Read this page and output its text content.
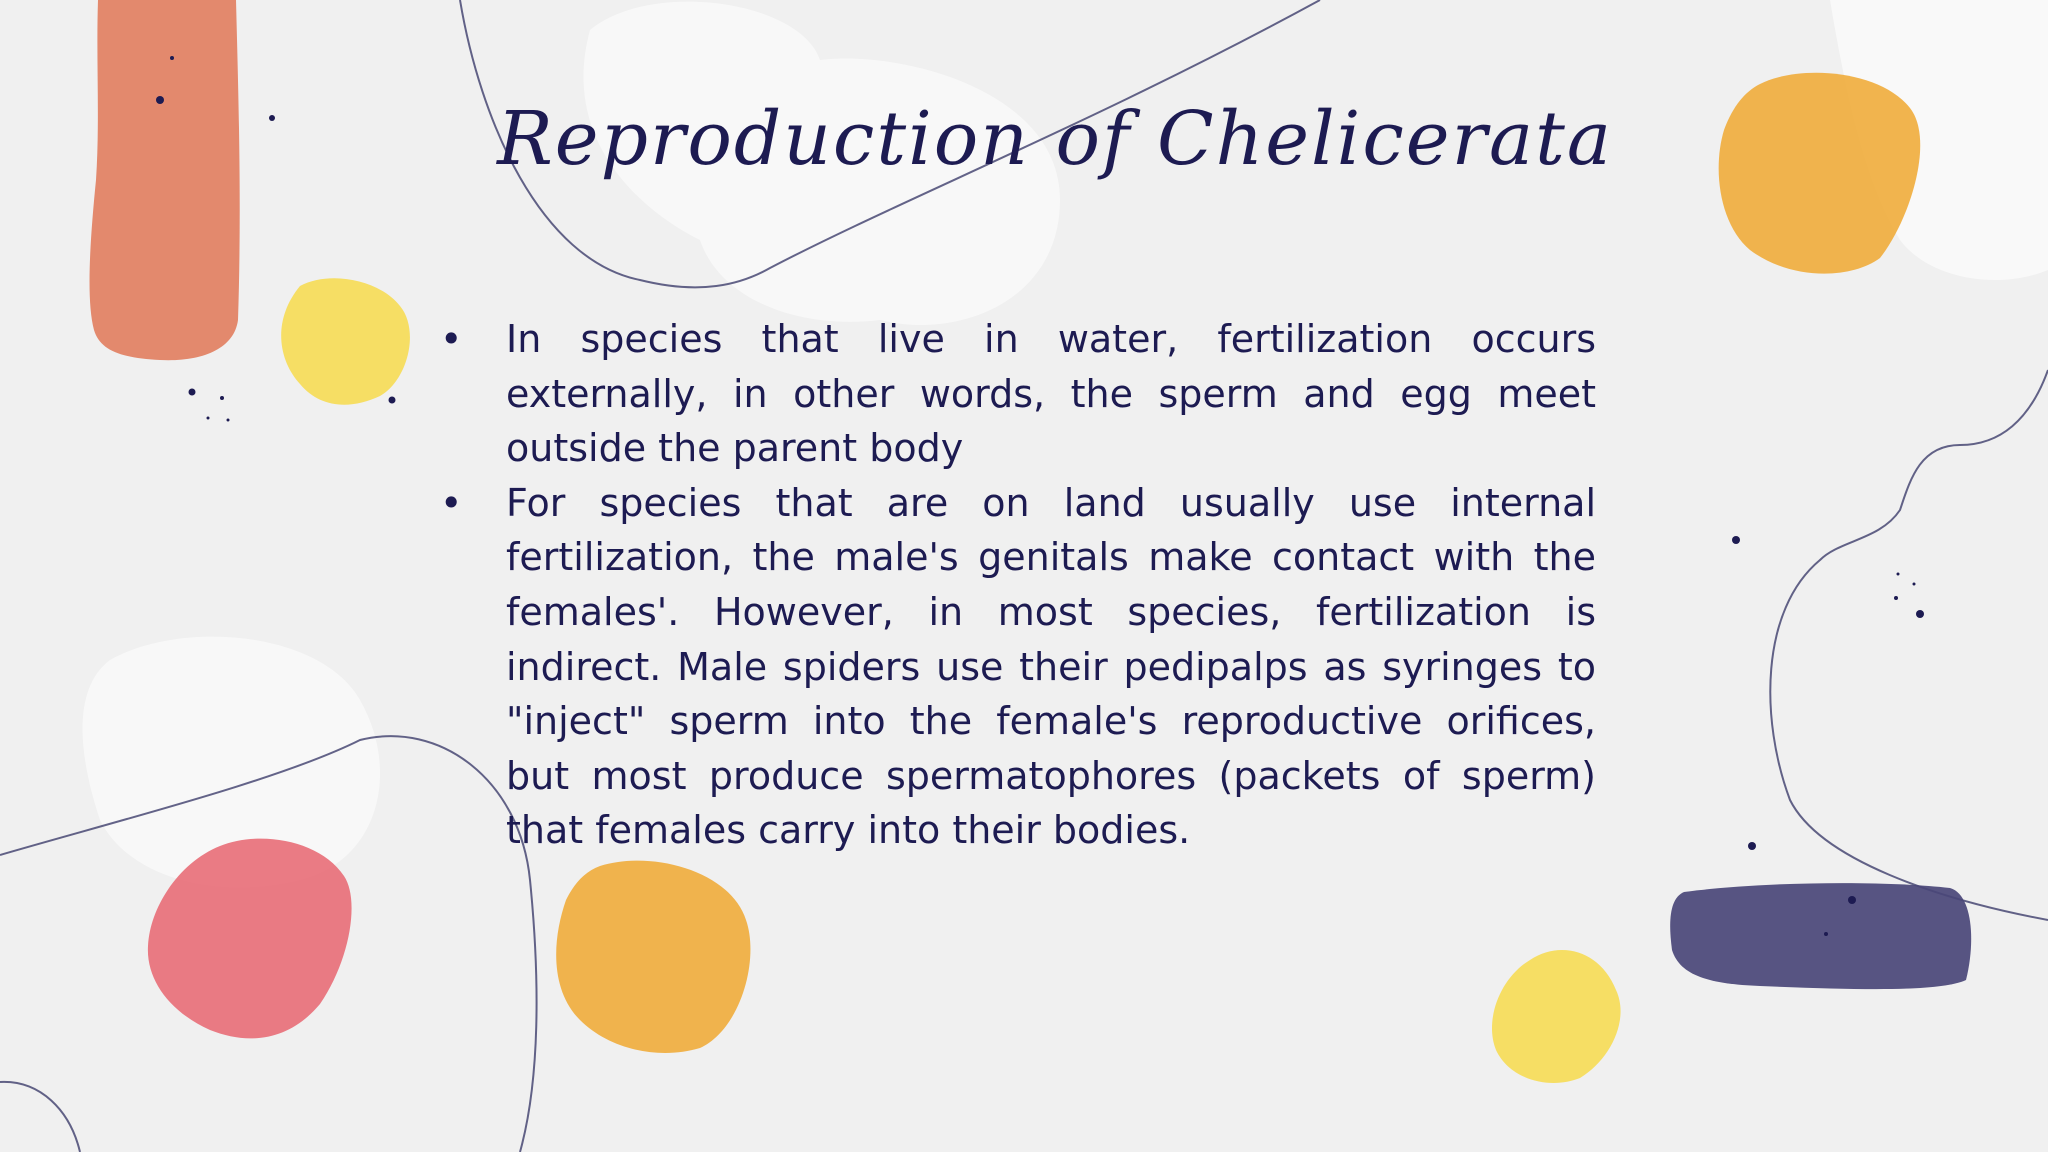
Reproduction of Chelicerata
• In species that live in water, fertilization occurs externally, in other words, the sperm and egg meet outside the parent body
• For species that are on land usually use internal fertilization, the male's genitals make contact with the females'. However, in most species, fertilization is indirect. Male spiders use their pedipalps as syringes to "inject" sperm into the female's reproductive orifices, but most produce spermatophores (packets of sperm) that females carry into their bodies.
